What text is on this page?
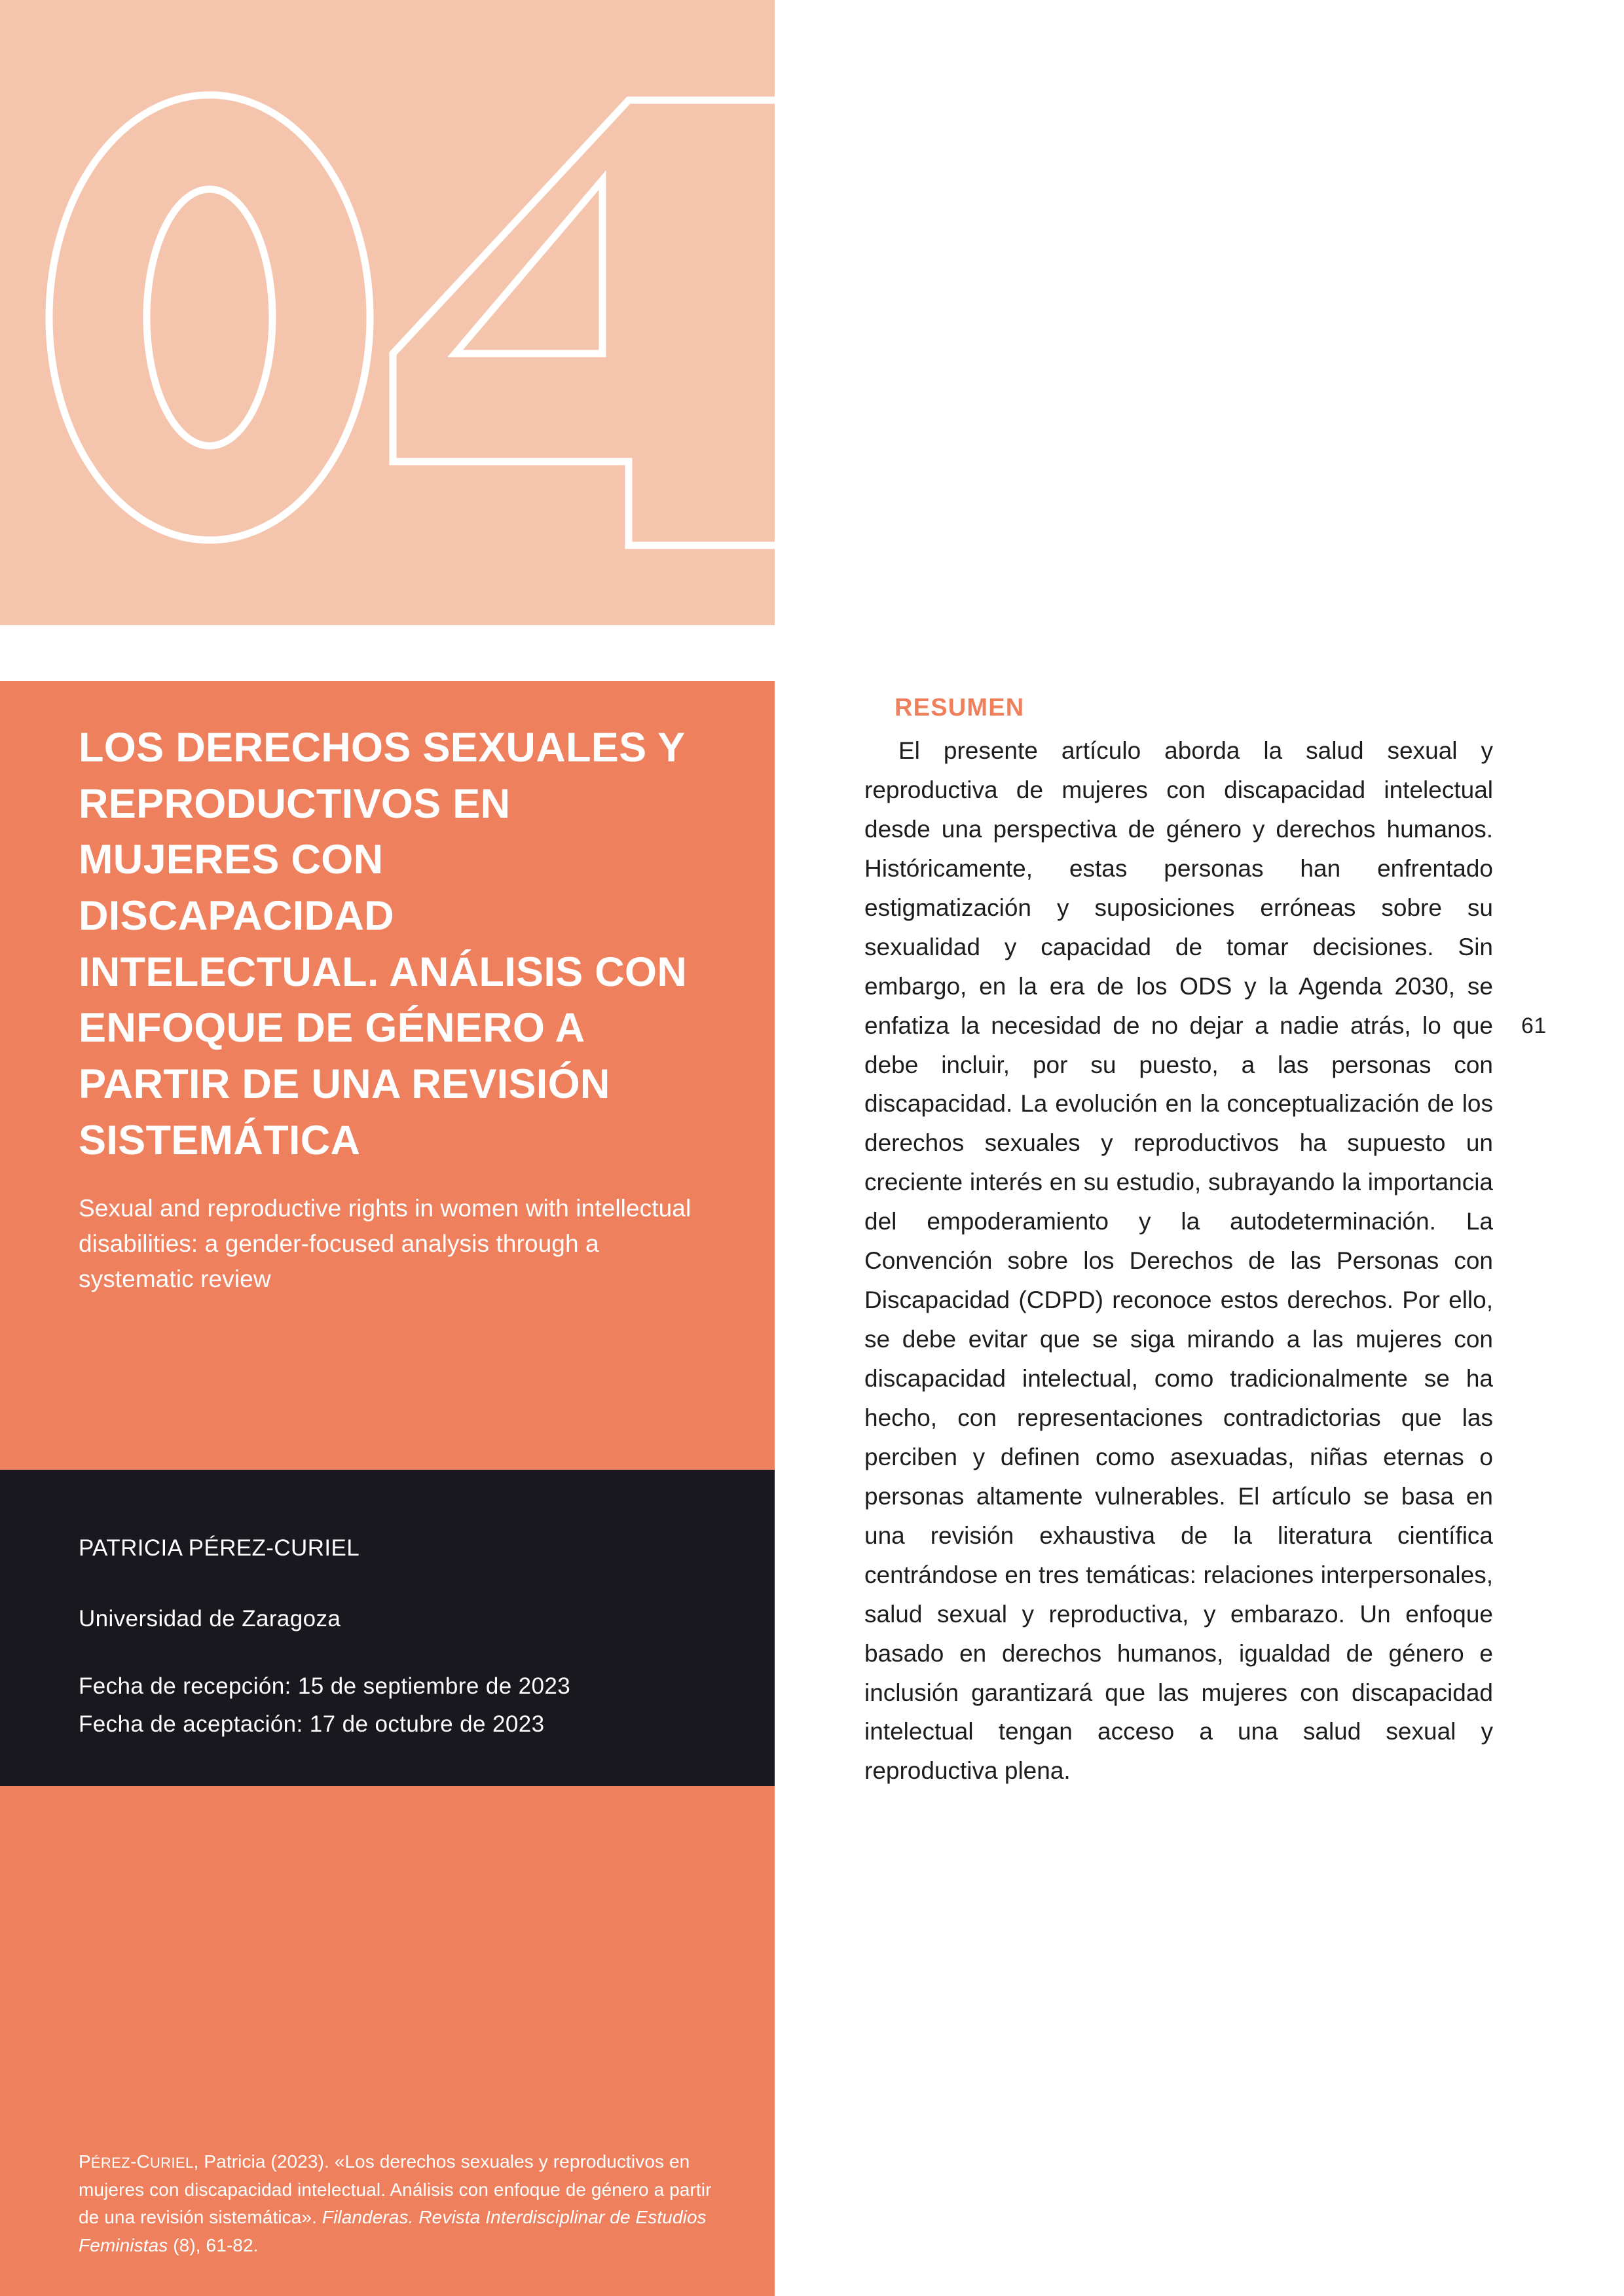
LOS DERECHOS SEXUALES Y REPRODUCTIVOS EN MUJERES CON DISCAPACIDAD INTELECTUAL. ANÁLISIS CON ENFOQUE DE GÉNERO A PARTIR DE UNA REVISIÓN SISTEMÁTICA

Sexual and reproductive rights in women with intellectual disabilities: a gender-focused analysis through a systematic review

PATRICIA PÉREZ-CURIEL

Universidad de Zaragoza

Fecha de recepción: 15 de septiembre de 2023

Fecha de aceptación: 17 de octubre de 2023

PÉREZ-CURIEL, Patricia (2023). «Los derechos sexuales y reproductivos en mujeres con discapacidad intelectual. Análisis con enfoque de género a partir de una revisión sistemática». Filanderas. Revista Interdisciplinar de Estudios Feministas (8), 61-82.

RESUMEN

El presente artículo aborda la salud sexual y reproductiva de mujeres con discapacidad intelectual desde una perspectiva de género y derechos humanos. Históricamente, estas personas han enfrentado estigmatización y suposiciones erróneas sobre su sexualidad y capacidad de tomar decisiones. Sin embargo, en la era de los ODS y la Agenda 2030, se enfatiza la necesidad de no dejar a nadie atrás, lo que debe incluir, por su puesto, a las personas con discapacidad. La evolución en la conceptualización de los derechos sexuales y reproductivos ha supuesto un creciente interés en su estudio, subrayando la importancia del empoderamiento y la autodeterminación. La Convención sobre los Derechos de las Personas con Discapacidad (CDPD) reconoce estos derechos. Por ello, se debe evitar que se siga mirando a las mujeres con discapacidad intelectual, como tradicionalmente se ha hecho, con representaciones contradictorias que las perciben y definen como asexuadas, niñas eternas o personas altamente vulnerables. El artículo se basa en una revisión exhaustiva de la literatura científica centrándose en tres temáticas: relaciones interpersonales, salud sexual y reproductiva, y embarazo. Un enfoque basado en derechos humanos, igualdad de género e inclusión garantizará que las mujeres con discapacidad intelectual tengan acceso a una salud sexual y reproductiva plena.

61
